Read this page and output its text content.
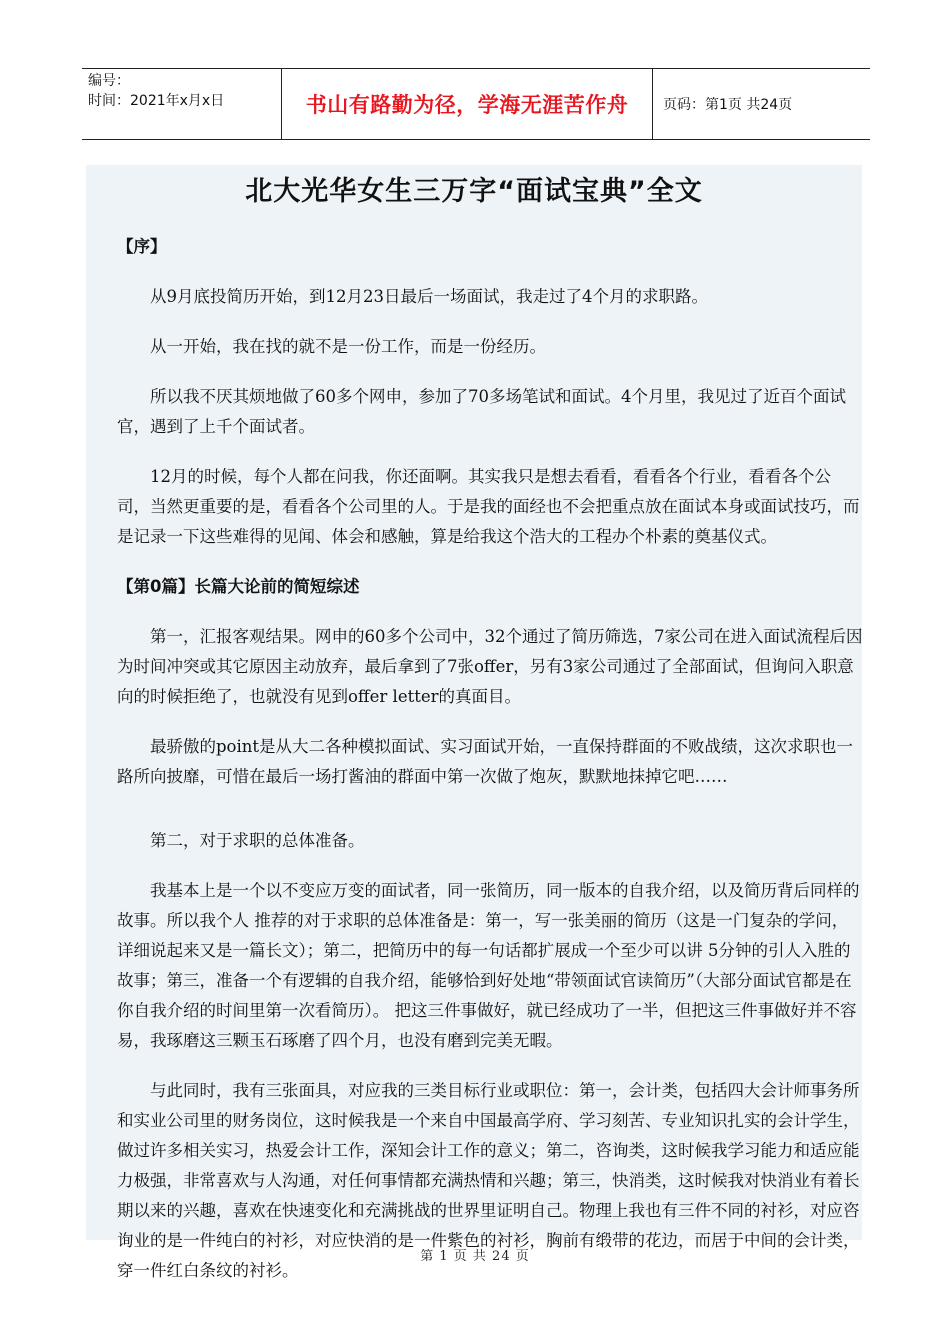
编号：
时间：2021年x月x日	书山有路勤为径，学海无涯苦作舟	页码：第1页 共24页
北大光华女生三万字“面试宝典”全文

【序】

从9月底投简历开始，到12月23日最后一场面试，我走过了4个月的求职路。

从一开始，我在找的就不是一份工作，而是一份经历。

所以我不厌其烦地做了60多个网申，参加了70多场笔试和面试。4个月里，我见过了近百个面试官，遇到了上千个面试者。

12月的时候，每个人都在问我，你还面啊。其实我只是想去看看，看看各个行业，看看各个公司，当然更重要的是，看看各个公司里的人。于是我的面经也不会把重点放在面试本身或面试技巧，而是记录一下这些难得的见闻、体会和感触，算是给我这个浩大的工程办个朴素的奠基仪式。

【第0篇】长篇大论前的简短综述

第一，汇报客观结果。网申的60多个公司中，32个通过了简历筛选，7家公司在进入面试流程后因为时间冲突或其它原因主动放弃，最后拿到了7张offer，另有3家公司通过了全部面试，但询问入职意向的时候拒绝了，也就没有见到offer letter的真面目。

最骄傲的point是从大二各种模拟面试、实习面试开始，一直保持群面的不败战绩，这次求职也一路所向披靡，可惜在最后一场打酱油的群面中第一次做了炮灰，默默地抹掉它吧……

第二，对于求职的总体准备。

我基本上是一个以不变应万变的面试者，同一张简历，同一版本的自我介绍，以及简历背后同样的故事。所以我个人 推荐的对于求职的总体准备是：第一，写一张美丽的简历（这是一门复杂的学问，详细说起来又是一篇长文）；第二，把简历中的每一句话都扩展成一个至少可以讲 5分钟的引人入胜的故事；第三，准备一个有逻辑的自我介绍，能够恰到好处地“带领面试官读简历”（大部分面试官都是在你自我介绍的时间里第一次看简历）。 把这三件事做好，就已经成功了一半，但把这三件事做好并不容易，我琢磨这三颗玉石琢磨了四个月，也没有磨到完美无暇。

与此同时，我有三张面具，对应我的三类目标行业或职位：第一，会计类，包括四大会计师事务所和实业公司里的财务岗位，这时候我是一个来自中国最高学府、学习刻苦、专业知识扎实的会计学生，做过许多相关实习，热爱会计工作，深知会计工作的意义；第二，咨询类，这时候我学习能力和适应能力极强，非常喜欢与人沟通，对任何事情都充满热情和兴趣；第三，快消类，这时候我对快消业有着长期以来的兴趣，喜欢在快速变化和充满挑战的世界里证明自己。物理上我也有三件不同的衬衫，对应咨询业的是一件纯白的衬衫，对应快消的是一件紫色的衬衫，胸前有缎带的花边，而居于中间的会计类，穿一件红白条纹的衬衫。

第 1 页 共 24 页
